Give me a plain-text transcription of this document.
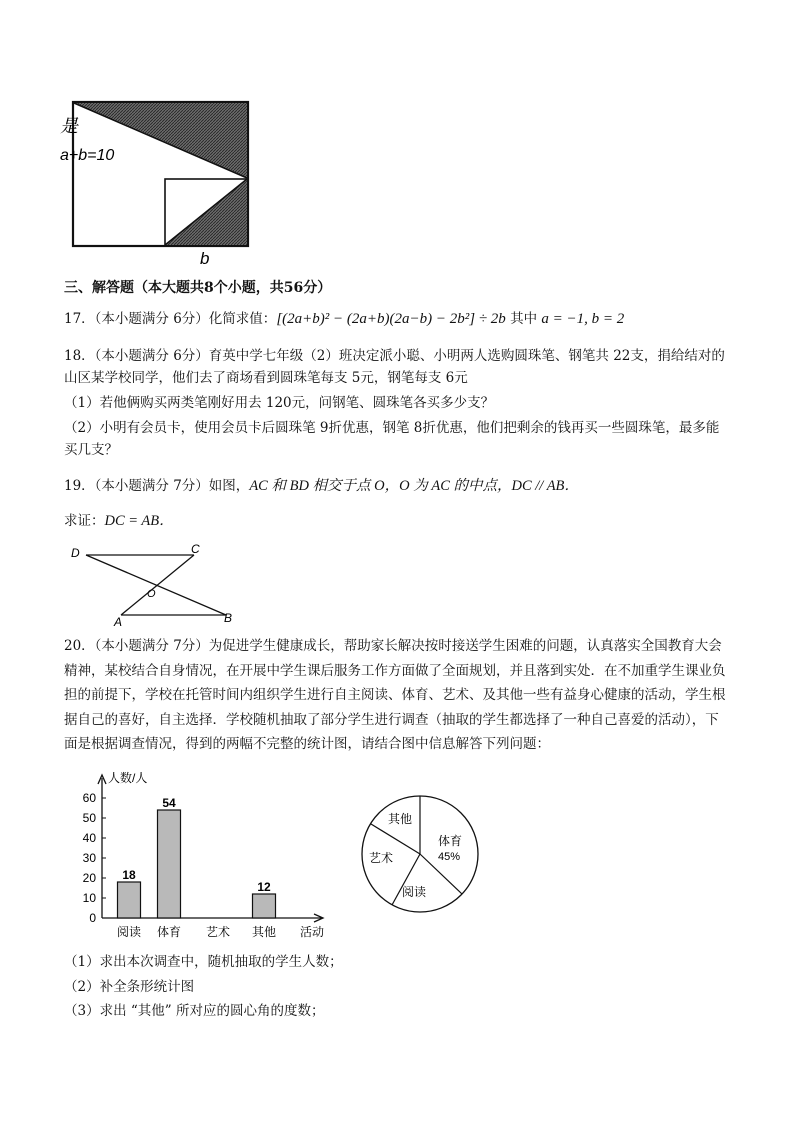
是
a+b=10
b
三、解答题（本大题共8个小题，共56分）
17．（本小题满分 6分）化简求值：[(2a+b)² − (2a+b)(2a−b) − 2b²] ÷ 2b 其中 a = −1, b = 2
18．（本小题满分 6分）育英中学七年级（2）班决定派小聪、小明两人选购圆珠笔、钢笔共 22支，捐给结对的山区某学校同学，他们去了商场看到圆珠笔每支 5元，钢笔每支 6元
（1）若他俩购买两类笔刚好用去 120元，问钢笔、圆珠笔各买多少支？
（2）小明有会员卡，使用会员卡后圆珠笔 9折优惠，钢笔 8折优惠，他们把剩余的钱再买一些圆珠笔，最多能买几支？
19．（本小题满分 7分）如图，AC 和 BD 相交于点 O，O 为 AC 的中点，DC // AB．
求证：DC = AB．
D	C
O
A	B
20．（本小题满分 7分）为促进学生健康成长，帮助家长解决按时接送学生困难的问题，认真落实全国教育大会精神，某校结合自身情况，在开展中学生课后服务工作方面做了全面规划，并且落到实处．在不加重学生课业负担的前提下，学校在托管时间内组织学生进行自主阅读、体育、艺术、及其他一些有益身心健康的活动，学生根据自己的喜好，自主选择．学校随机抽取了部分学生进行调查（抽取的学生都选择了一种自己喜爱的活动），下面是根据调查情况，得到的两幅不完整的统计图，请结合图中信息解答下列问题：
人数/人
活动
0
10
20
30
40
50
60
阅读 体育 艺术 其他
18
54
12
体育
45%
阅读
艺术
其他
（1）求出本次调查中，随机抽取的学生人数；
（2）补全条形统计图
（3）求出 “其他” 所对应的圆心角的度数；
